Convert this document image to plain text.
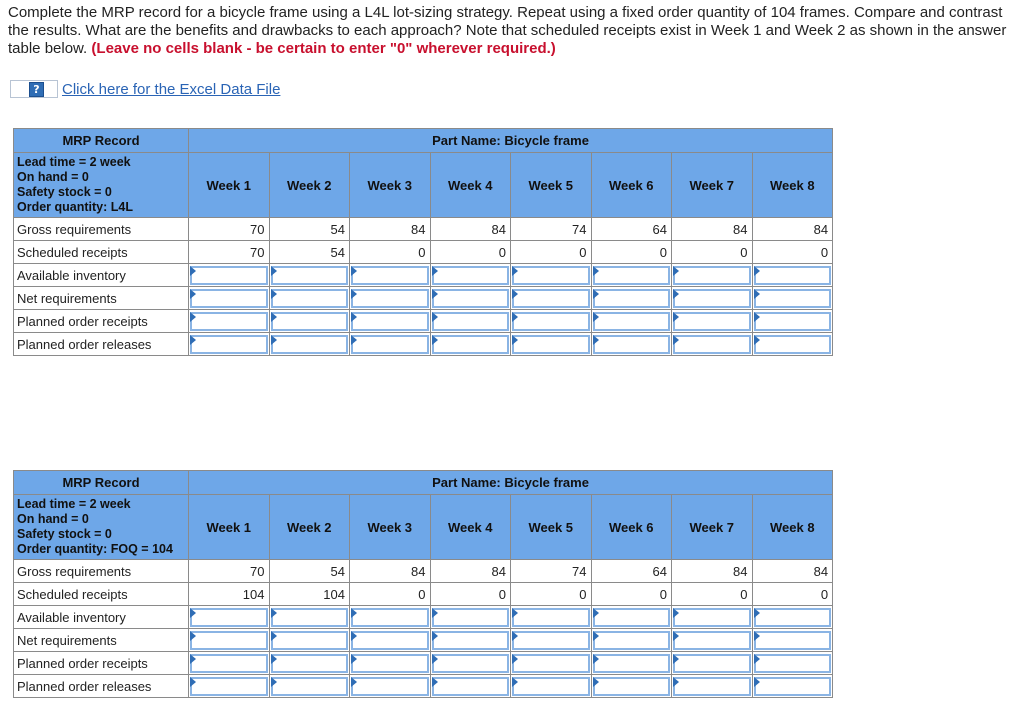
Complete the MRP record for a bicycle frame using a L4L lot-sizing strategy. Repeat using a fixed order quantity of 104 frames. Compare and contrast the results. What are the benefits and drawbacks to each approach? Note that scheduled receipts exist in Week 1 and Week 2 as shown in the answer table below. (Leave no cells blank - be certain to enter "0" wherever required.)
? Click here for the Excel Data File
MRP Record	Part Name: Bicycle frame							

Lead time = 2 week
On hand = 0
Safety stock = 0
Order quantity: L4L	Week 1	Week 2	Week 3	Week 4	Week 5	Week 6	Week 7	Week 8
Gross requirements	70	54	84	84	74	64	84	84
Scheduled receipts	70	54	0	0	0	0	0	0
Available inventory	

Net requirements	

Planned order receipts	

Planned order releases	

MRP Record	Part Name: Bicycle frame							

Lead time = 2 week
On hand = 0
Safety stock = 0
Order quantity: FOQ = 104	Week 1	Week 2	Week 3	Week 4	Week 5	Week 6	Week 7	Week 8
Gross requirements	70	54	84	84	74	64	84	84
Scheduled receipts	104	104	0	0	0	0	0	0
Available inventory	

Net requirements	

Planned order receipts	

Planned order releases	
